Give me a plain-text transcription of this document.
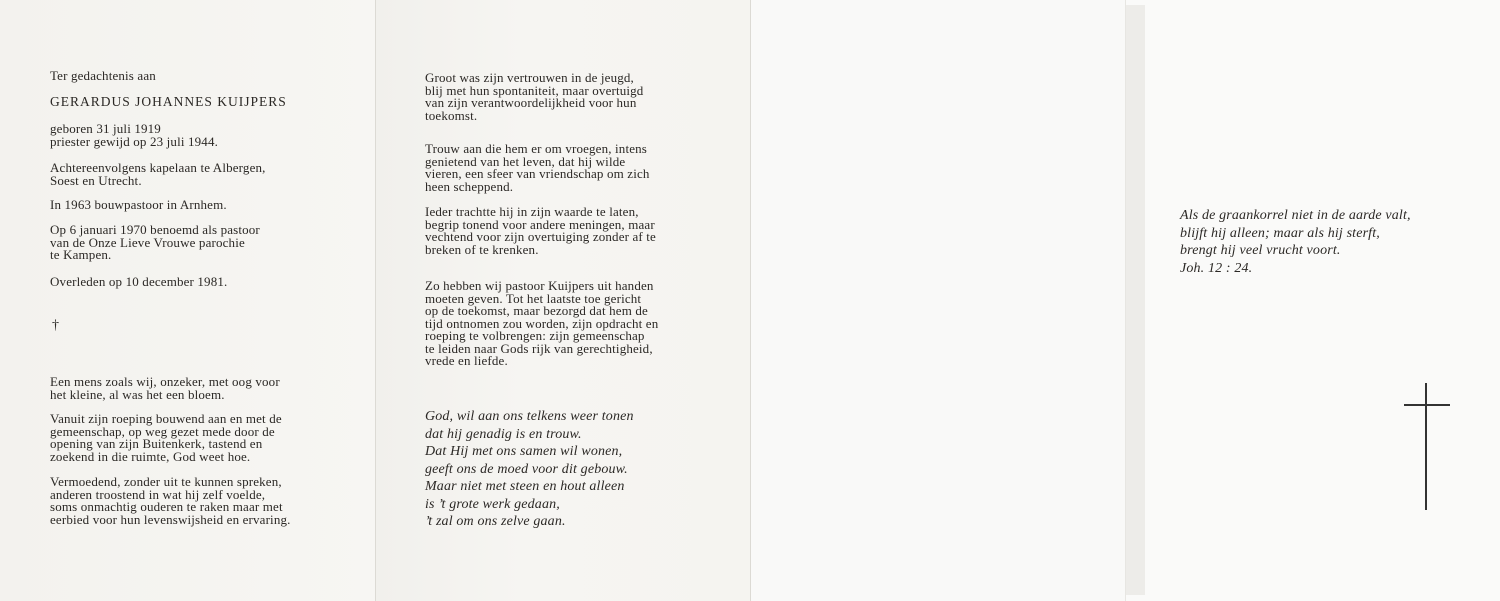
Ter gedachtenis aan

GERARDUS JOHANNES KUIJPERS

geboren 31 juli 1919
priester gewijd op 23 juli 1944.

Achtereenvolgens kapelaan te Albergen,
Soest en Utrecht.

In 1963 bouwpastoor in Arnhem.

Op 6 januari 1970 benoemd als pastoor
van de Onze Lieve Vrouwe parochie
te Kampen.

Overleden op 10 december 1981.

†

Een mens zoals wij, onzeker, met oog voor
het kleine, al was het een bloem.

Vanuit zijn roeping bouwend aan en met de
gemeenschap, op weg gezet mede door de
opening van zijn Buitenkerk, tastend en
zoekend in die ruimte, God weet hoe.

Vermoedend, zonder uit te kunnen spreken,
anderen troostend in wat hij zelf voelde,
soms onmachtig ouderen te raken maar met
eerbied voor hun levenswijsheid en ervaring.

Groot was zijn vertrouwen in de jeugd,
blij met hun spontaniteit, maar overtuigd
van zijn verantwoordelijkheid voor hun
toekomst.

Trouw aan die hem er om vroegen, intens
genietend van het leven, dat hij wilde
vieren, een sfeer van vriendschap om zich
heen scheppend.

Ieder trachtte hij in zijn waarde te laten,
begrip tonend voor andere meningen, maar
vechtend voor zijn overtuiging zonder af te
breken of te krenken.

Zo hebben wij pastoor Kuijpers uit handen
moeten geven. Tot het laatste toe gericht
op de toekomst, maar bezorgd dat hem de
tijd ontnomen zou worden, zijn opdracht en
roeping te volbrengen: zijn gemeenschap
te leiden naar Gods rijk van gerechtigheid,
vrede en liefde.

God, wil aan ons telkens weer tonen
dat hij genadig is en trouw.
Dat Hij met ons samen wil wonen,
geeft ons de moed voor dit gebouw.
Maar niet met steen en hout alleen
is ’t grote werk gedaan,
’t zal om ons zelve gaan.

Als de graankorrel niet in de aarde valt,
blijft hij alleen; maar als hij sterft,
brengt hij veel vrucht voort.
Joh. 12 : 24.
